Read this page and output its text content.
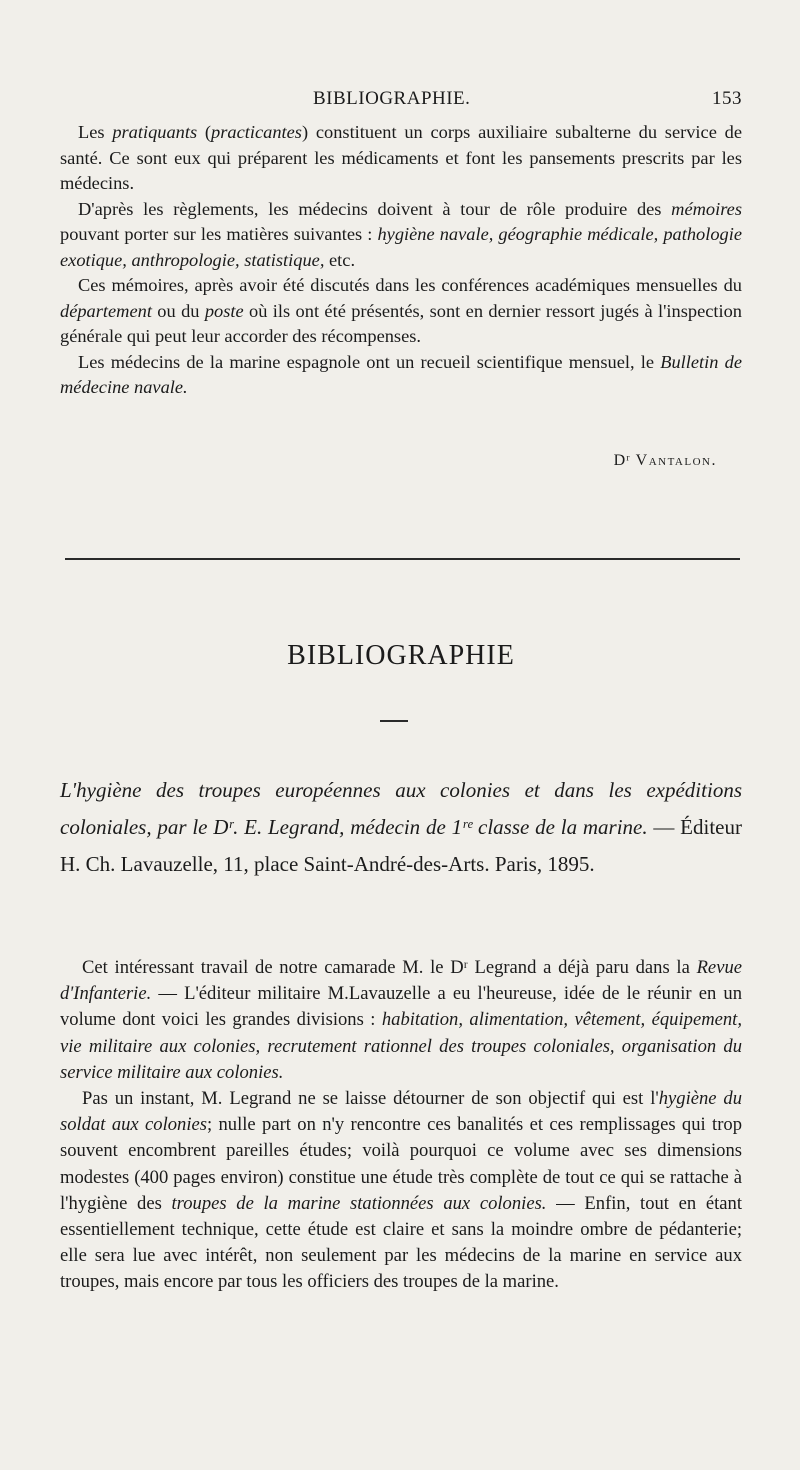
BIBLIOGRAPHIE.	153

Les pratiquants (practicantes) constituent un corps auxiliaire subalterne du service de santé. Ce sont eux qui préparent les médicaments et font les pansements prescrits par les médecins.

D'après les règlements, les médecins doivent à tour de rôle produire des mémoires pouvant porter sur les matières suivantes : hygiène navale, géographie médicale, pathologie exotique, anthropologie, statistique, etc.

Ces mémoires, après avoir été discutés dans les conférences académiques mensuelles du département ou du poste où ils ont été présentés, sont en dernier ressort jugés à l'inspection générale qui peut leur accorder des récompenses.

Les médecins de la marine espagnole ont un recueil scientifique mensuel, le Bulletin de médecine navale.

Dʳ Vantalon.
BIBLIOGRAPHIE

L'hygiène des troupes européennes aux colonies et dans les expéditions coloniales, par le Dʳ. E. Legrand, médecin de 1ʳᵉ classe de la marine. — Éditeur H. Ch. Lavauzelle, 11, place Saint-André-des-Arts. Paris, 1895.

Cet intéressant travail de notre camarade M. le Dʳ Legrand a déjà paru dans la Revue d'Infanterie. — L'éditeur militaire M.Lavauzelle a eu l'heureuse, idée de le réunir en un volume dont voici les grandes divisions : habitation, alimentation, vêtement, équipement, vie militaire aux colonies, recrutement rationnel des troupes coloniales, organisation du service militaire aux colonies.

Pas un instant, M. Legrand ne se laisse détourner de son objectif qui est l'hygiène du soldat aux colonies; nulle part on n'y rencontre ces banalités et ces remplissages qui trop souvent encombrent pareilles études; voilà pourquoi ce volume avec ses dimensions modestes (400 pages environ) constitue une étude très complète de tout ce qui se rattache à l'hygiène des troupes de la marine stationnées aux colonies. — Enfin, tout en étant essentiellement technique, cette étude est claire et sans la moindre ombre de pédanterie; elle sera lue avec intérêt, non seulement par les médecins de la marine en service aux troupes, mais encore par tous les officiers des troupes de la marine.
